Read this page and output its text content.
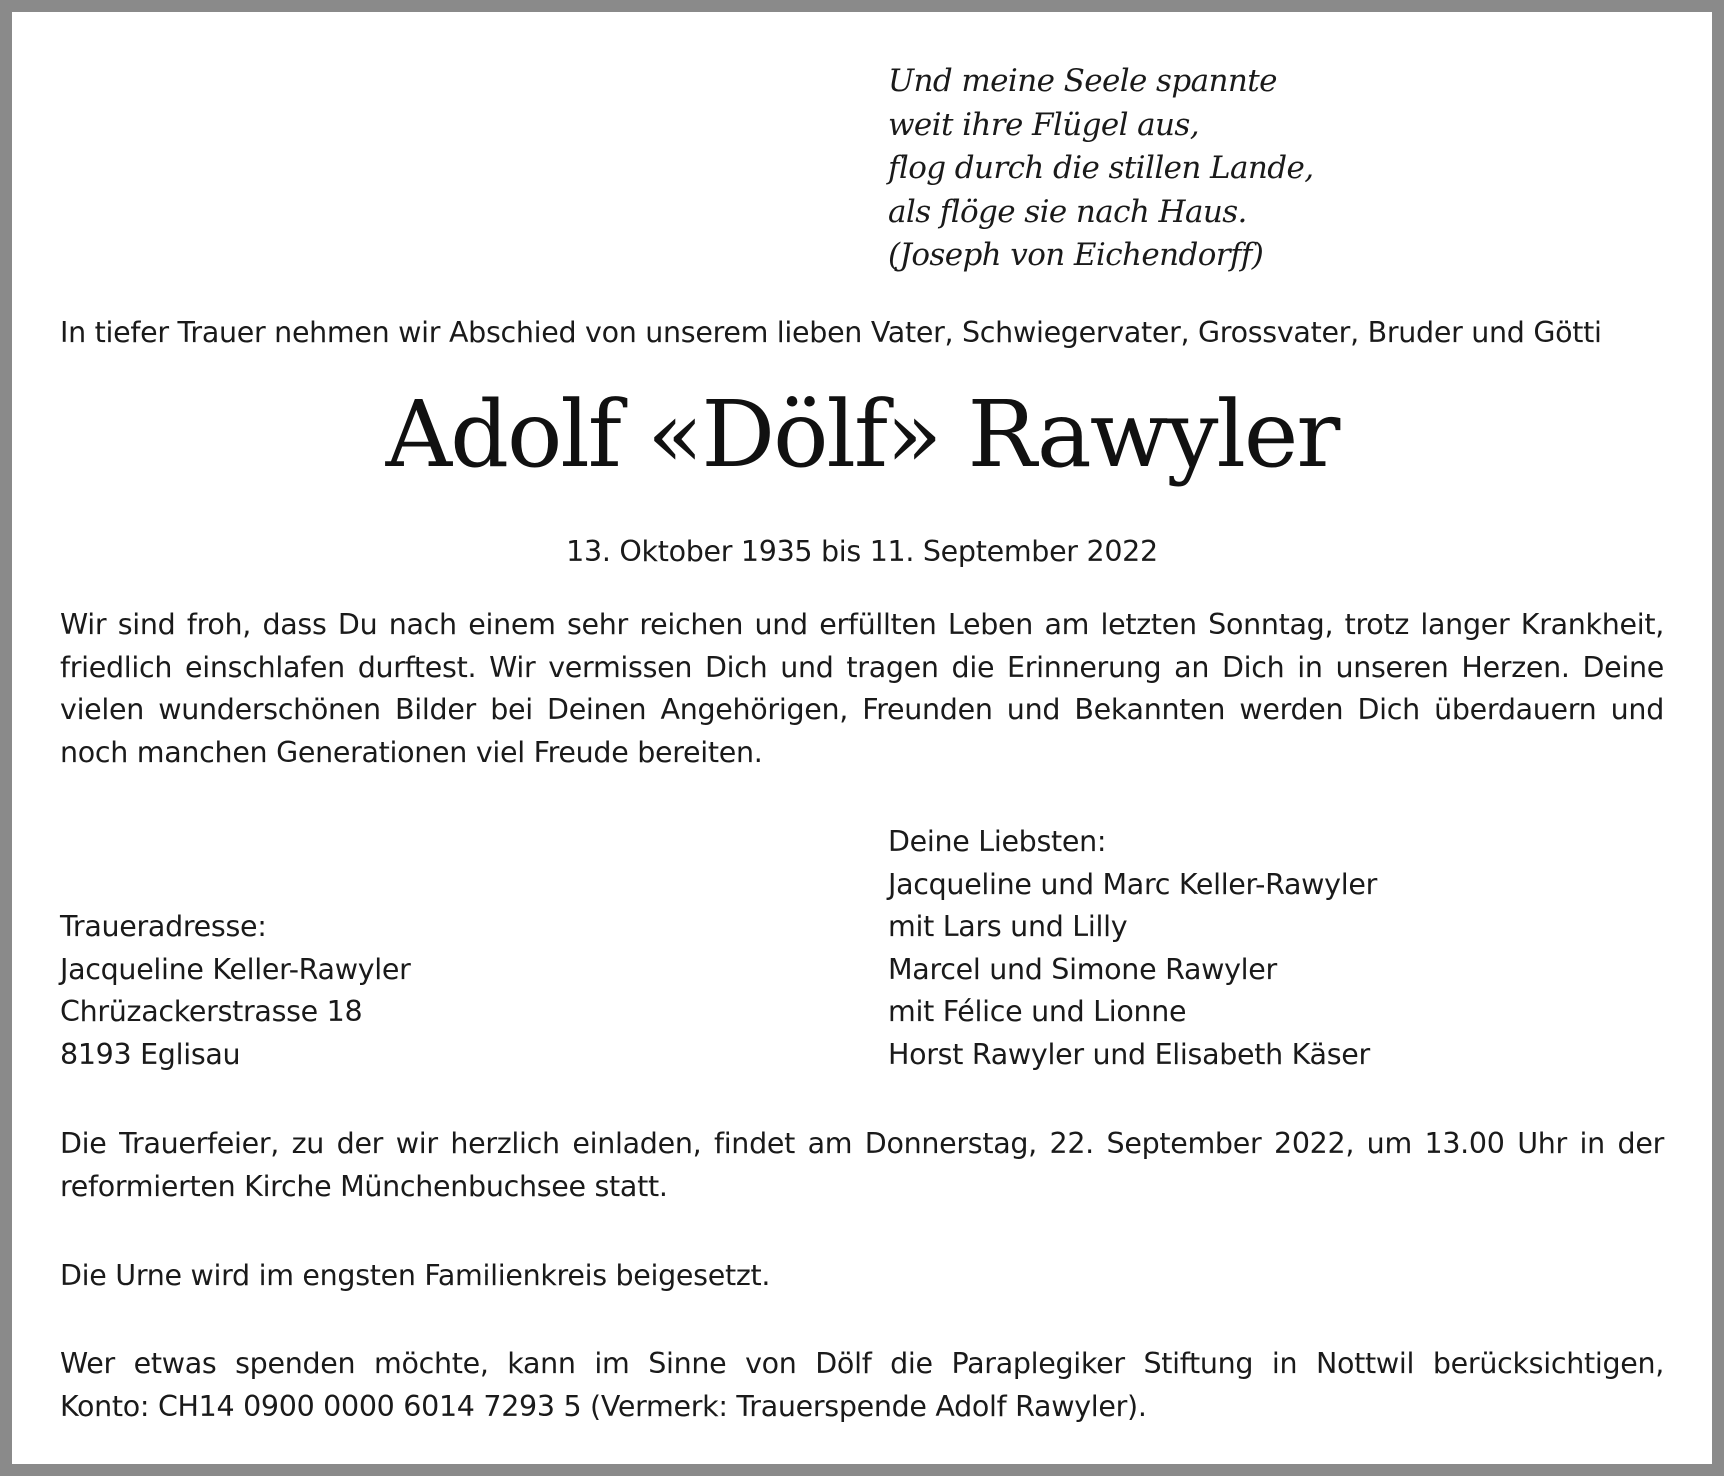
Und meine Seele spannte
weit ihre Flügel aus,
flog durch die stillen Lande,
als flöge sie nach Haus.
(Joseph von Eichendorff)
In tiefer Trauer nehmen wir Abschied von unserem lieben Vater, Schwiegervater, Grossvater, Bruder und Götti
Adolf «Dölf» Rawyler
13. Oktober 1935 bis 11. September 2022
Wir sind froh, dass Du nach einem sehr reichen und erfüllten Leben am letzten Sonntag, trotz langer Krankheit,
friedlich einschlafen durftest. Wir vermissen Dich und tragen die Erinnerung an Dich in unseren Herzen. Deine
vielen wunderschönen Bilder bei Deinen Angehörigen, Freunden und Bekannten werden Dich überdauern und
noch manchen Generationen viel Freude bereiten.
Deine Liebsten:
Jacqueline und Marc Keller-Rawyler
mit Lars und Lilly
Marcel und Simone Rawyler
mit Félice und Lionne
Horst Rawyler und Elisabeth Käser
Traueradresse:
Jacqueline Keller-Rawyler
Chrüzackerstrasse 18
8193 Eglisau
Die Trauerfeier, zu der wir herzlich einladen, findet am Donnerstag, 22. September 2022, um 13.00 Uhr in der
reformierten Kirche Münchenbuchsee statt.
Die Urne wird im engsten Familienkreis beigesetzt.
Wer etwas spenden möchte, kann im Sinne von Dölf die Paraplegiker Stiftung in Nottwil berücksichtigen,
Konto: CH14 0900 0000 6014 7293 5 (Vermerk: Trauerspende Adolf Rawyler).
